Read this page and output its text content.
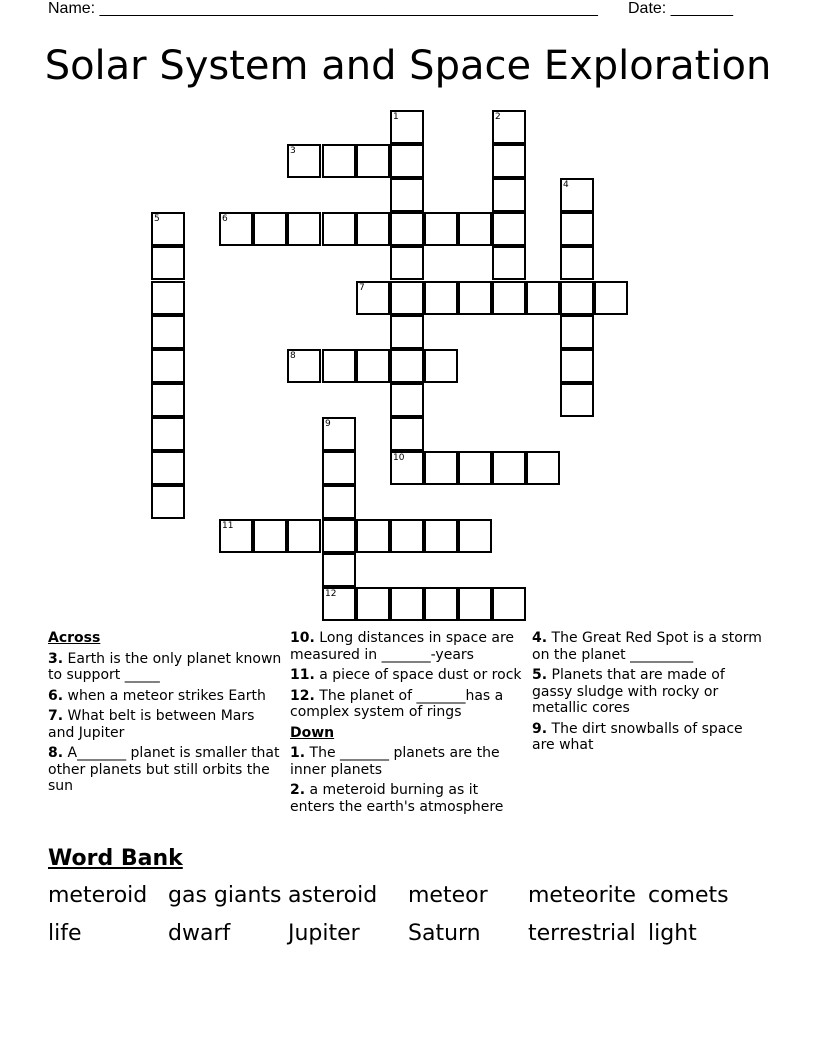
Name: ________________________________________________________ Date: _______
Solar System and Space Exploration
1
10
2
3
4
5	6
7
8
9
12
11
Across
3. Earth is the only planet known to support _____
6. when a meteor strikes Earth
7. What belt is between Mars and Jupiter
8. A_______ planet is smaller that other planets but still orbits the sun
10. Long distances in space are measured in _______-years
11. a piece of space dust or rock
12. The planet of _______has a complex system of rings
Down
1. The _______ planets are the inner planets
2. a meteroid burning as it enters the earth's atmosphere
4. The Great Red Spot is a storm on the planet _________
5. Planets that are made of gassy sludge with rocky or metallic cores
9. The dirt snowballs of space are what
Word Bank
meteroid gas giants asteroid meteor meteorite comets
life	dwarf	Jupiter Saturn terrestrial light
